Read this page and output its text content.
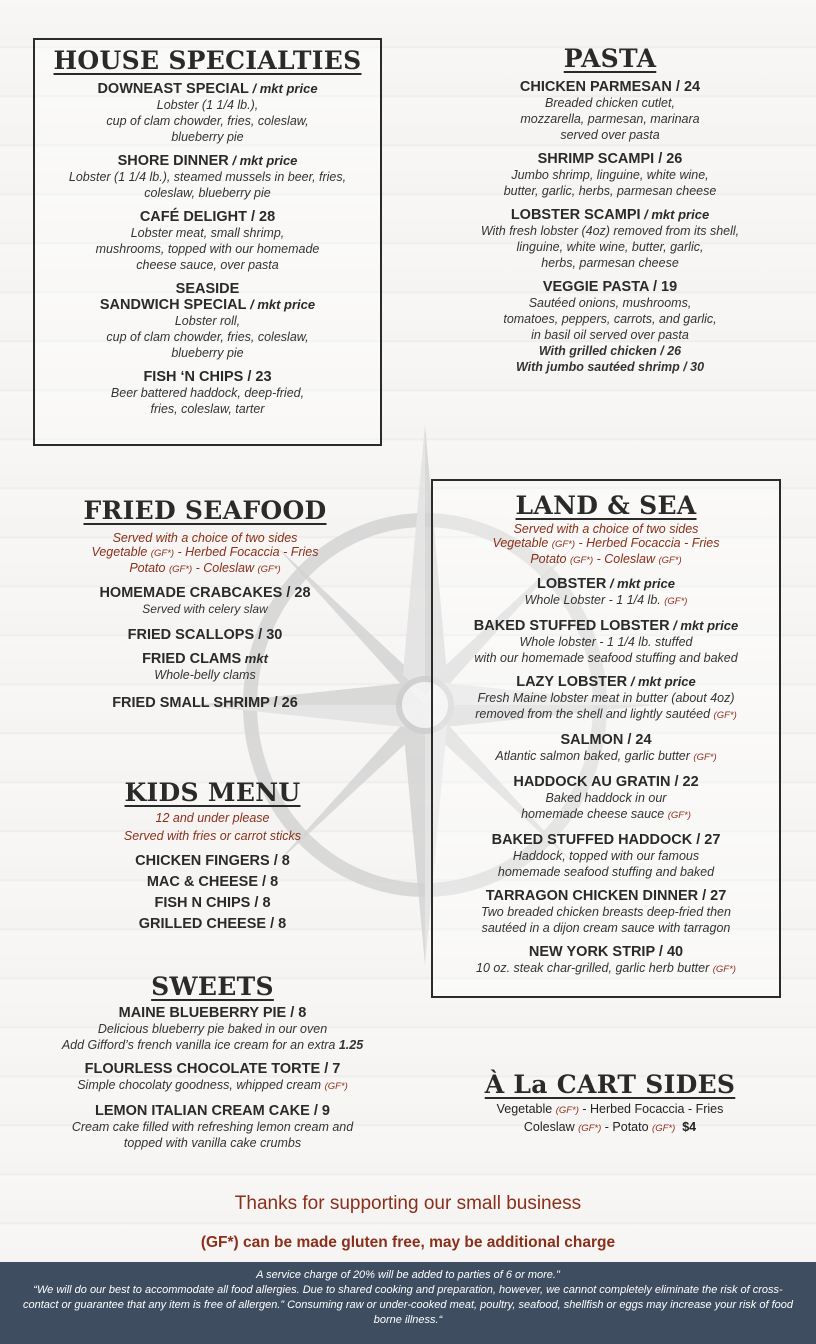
HOUSE SPECIALTIES
DOWNEAST SPECIAL / mkt price
Lobster (1 1/4 lb.),
cup of clam chowder, fries, coleslaw,
blueberry pie
SHORE DINNER / mkt price
Lobster (1 1/4 lb.), steamed mussels in beer, fries,
coleslaw, blueberry pie
CAFÉ DELIGHT / 28
Lobster meat, small shrimp,
mushrooms, topped with our homemade
cheese sauce, over pasta
SEASIDE
SANDWICH SPECIAL / mkt price
Lobster roll,
cup of clam chowder, fries, coleslaw,
blueberry pie
FISH ‘N CHIPS / 23
Beer battered haddock, deep-fried,
fries, coleslaw, tarter
PASTA
CHICKEN PARMESAN / 24
Breaded chicken cutlet,
mozzarella, parmesan, marinara
served over pasta
SHRIMP SCAMPI / 26
Jumbo shrimp, linguine, white wine,
butter, garlic, herbs, parmesan cheese
LOBSTER SCAMPI / mkt price
With fresh lobster (4oz) removed from its shell,
linguine, white wine, butter, garlic,
herbs, parmesan cheese
VEGGIE PASTA / 19
Sautéed onions, mushrooms,
tomatoes, peppers, carrots, and garlic,
in basil oil served over pasta
With grilled chicken / 26
With jumbo sautéed shrimp / 30
FRIED SEAFOOD
Served with a choice of two sides
Vegetable (GF*) - Herbed Focaccia - Fries
Potato (GF*) - Coleslaw (GF*)
HOMEMADE CRABCAKES / 28
Served with celery slaw
FRIED SCALLOPS / 30
FRIED CLAMS mkt
Whole-belly clams
FRIED SMALL SHRIMP / 26
LAND & SEA
Served with a choice of two sides
Vegetable (GF*) - Herbed Focaccia - Fries
Potato (GF*) - Coleslaw (GF*)
LOBSTER / mkt price
Whole Lobster - 1 1/4 lb. (GF*)
BAKED STUFFED LOBSTER / mkt price
Whole lobster - 1 1/4 lb. stuffed
with our homemade seafood stuffing and baked
LAZY LOBSTER / mkt price
Fresh Maine lobster meat in butter (about 4oz)
removed from the shell and lightly sautéed (GF*)
SALMON / 24
Atlantic salmon baked, garlic butter (GF*)
HADDOCK AU GRATIN / 22
Baked haddock in our
homemade cheese sauce (GF*)
BAKED STUFFED HADDOCK / 27
Haddock, topped with our famous
homemade seafood stuffing and baked
TARRAGON CHICKEN DINNER / 27
Two breaded chicken breasts deep-fried then
sautéed in a dijon cream sauce with tarragon
NEW YORK STRIP / 40
10 oz. steak char-grilled, garlic herb butter (GF*)
KIDS MENU
12 and under please
Served with fries or carrot sticks
CHICKEN FINGERS / 8
MAC & CHEESE / 8
FISH N CHIPS / 8
GRILLED CHEESE / 8
SWEETS
MAINE BLUEBERRY PIE / 8
Delicious blueberry pie baked in our oven
Add Gifford’s french vanilla ice cream for an extra 1.25
FLOURLESS CHOCOLATE TORTE / 7
Simple chocolaty goodness, whipped cream (GF*)
LEMON ITALIAN CREAM CAKE / 9
Cream cake filled with refreshing lemon cream and
topped with vanilla cake crumbs
À La CART SIDES
Vegetable (GF*) - Herbed Focaccia - Fries
Coleslaw (GF*) - Potato (GF*) $4
Thanks for supporting our small business
(GF*) can be made gluten free, may be additional charge
A service charge of 20% will be added to parties of 6 or more."
“We will do our best to accommodate all food allergies. Due to shared cooking and preparation, however, we cannot completely eliminate the risk of cross-contact or guarantee that any item is free of allergen.” Consuming raw or under-cooked meat, poultry, seafood, shellfish or eggs may increase your risk of food borne illness.“
